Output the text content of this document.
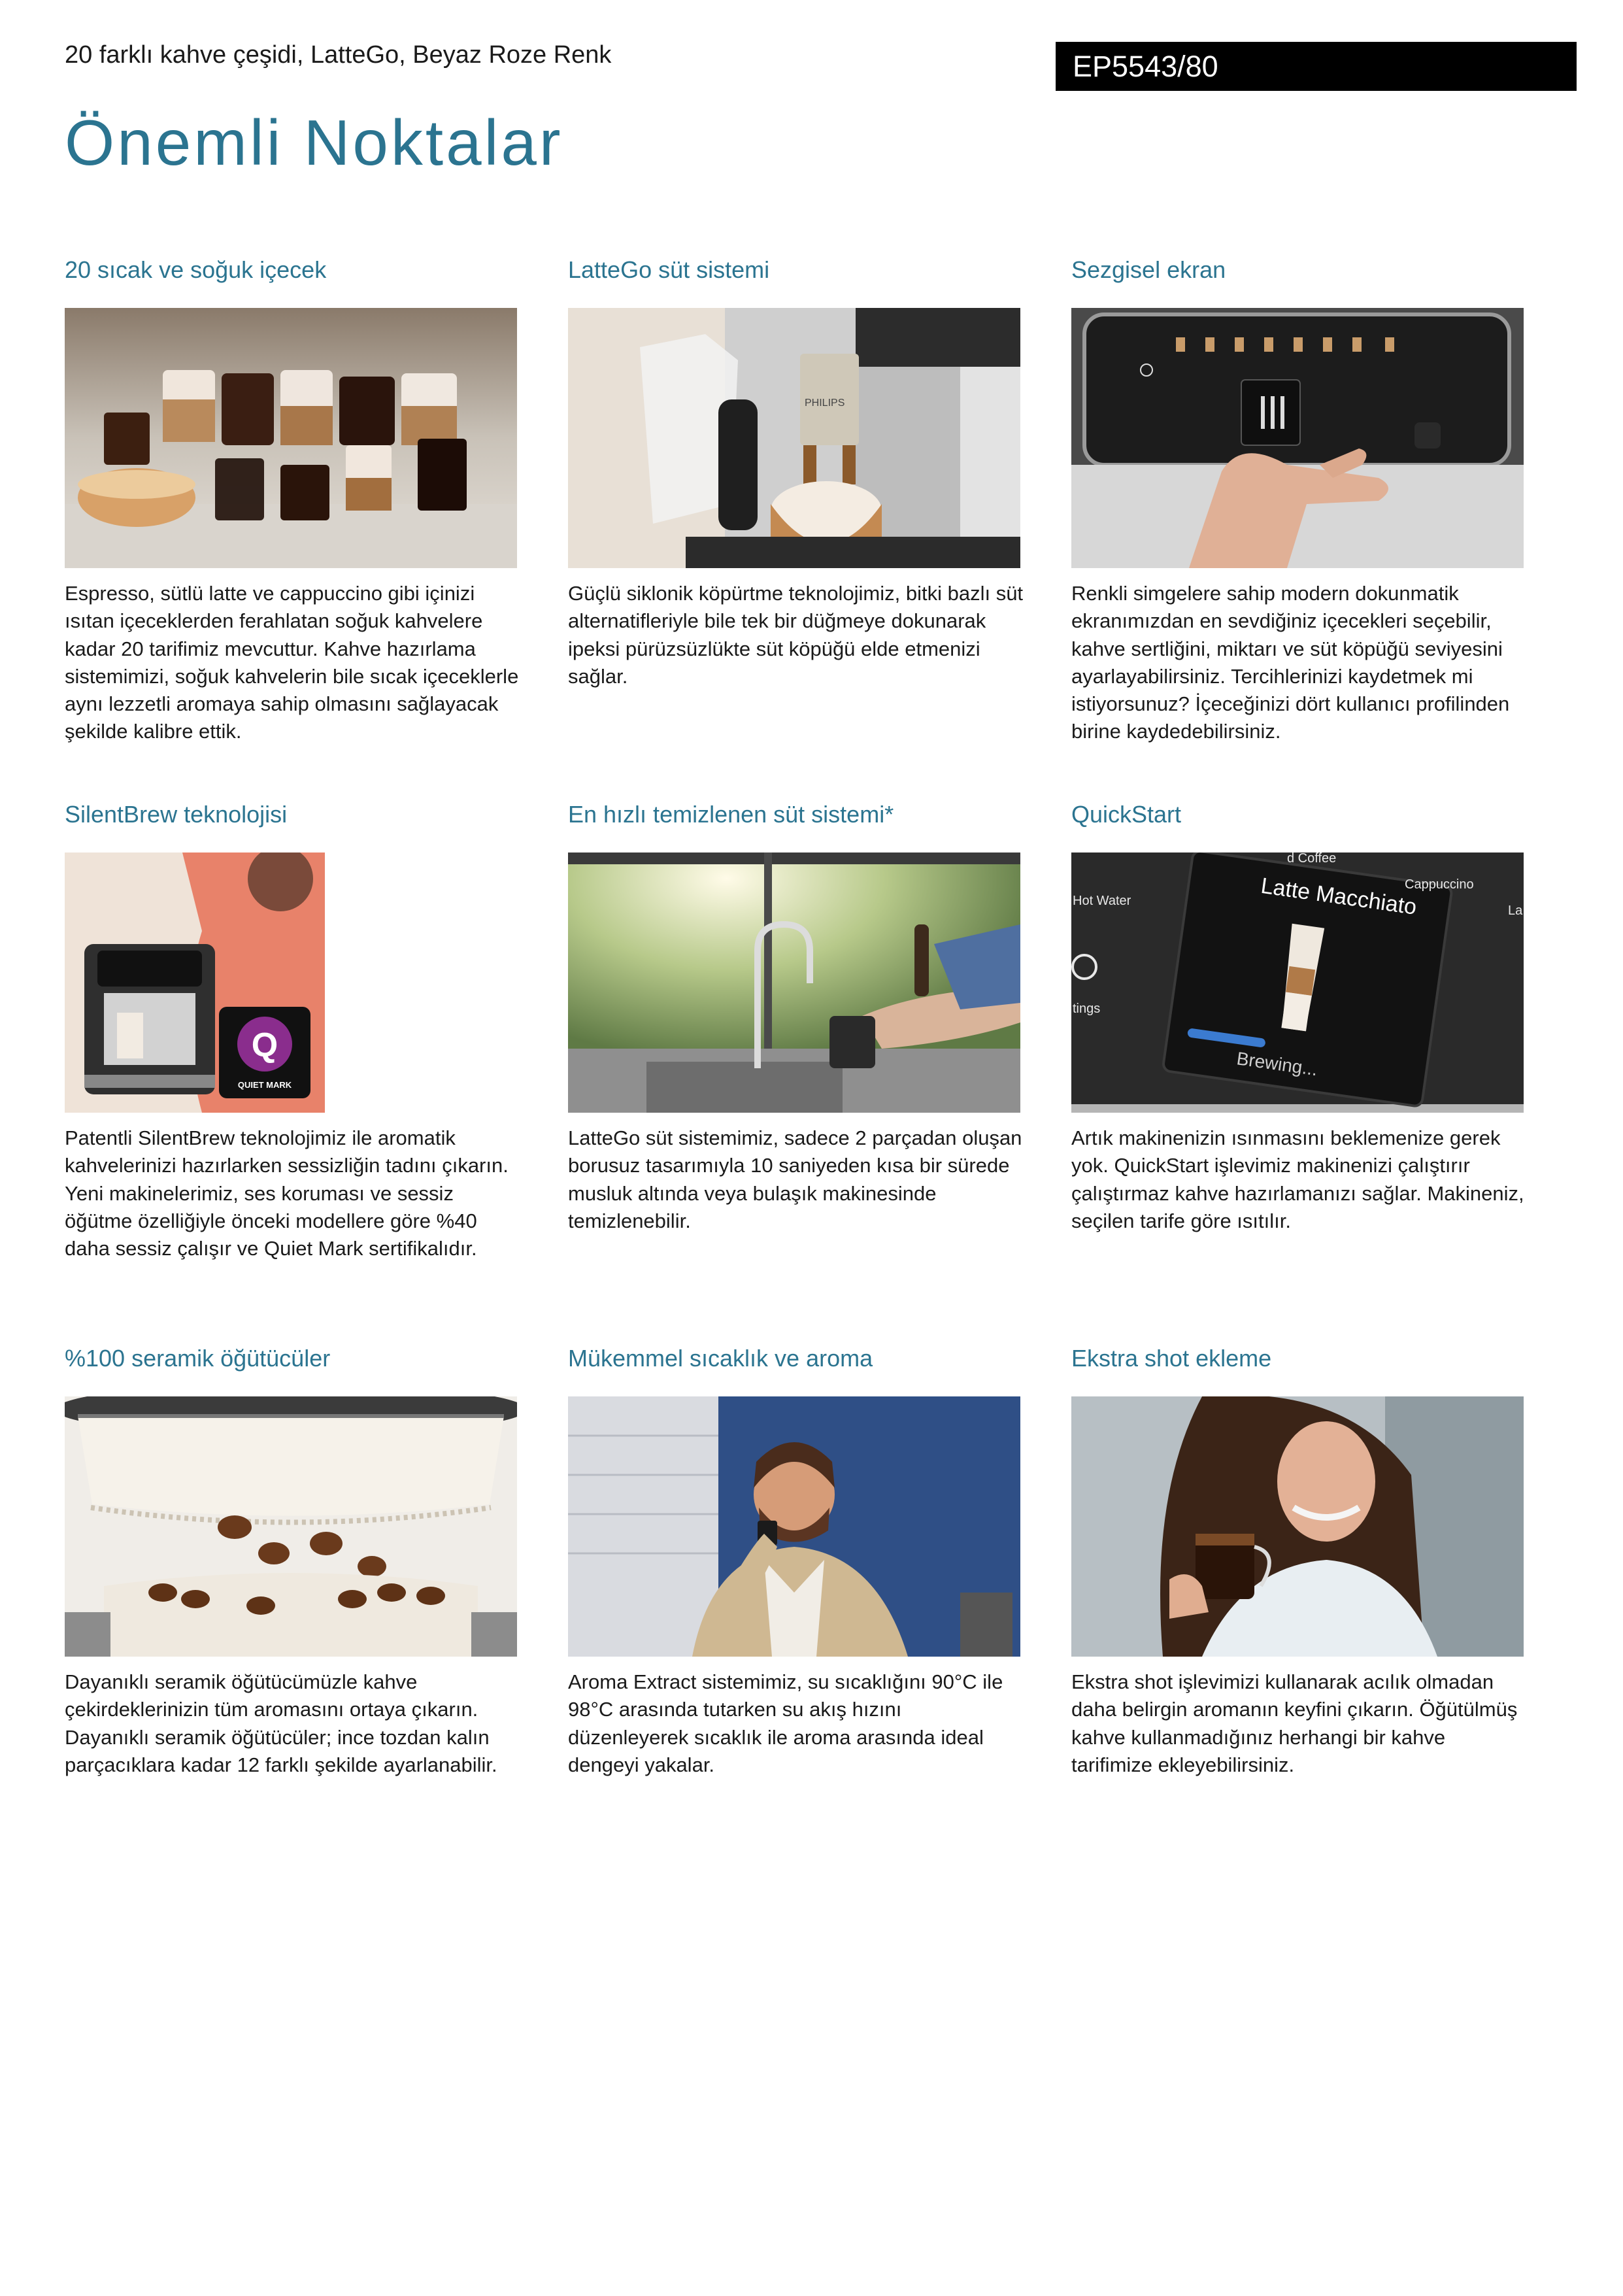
20 farklı kahve çeşidi, LatteGo, Beyaz Roze Renk	EP5543/80
Önemli Noktalar
20 sıcak ve soğuk içecek

Espresso, sütlü latte ve cappuccino gibi içinizi ısıtan içeceklerden ferahlatan soğuk kahvelere kadar 20 tarifimiz mevcuttur. Kahve hazırlama sistemimizi, soğuk kahvelerin bile sıcak içeceklerle aynı lezzetli aromaya sahip olmasını sağlayacak şekilde kalibre ettik.

LatteGo süt sistemi
PHILIPS

Güçlü siklonik köpürtme teknolojimiz, bitki bazlı süt alternatifleriyle bile tek bir düğmeye dokunarak ipeksi pürüzsüzlükte süt köpüğü elde etmenizi sağlar.

Sezgisel ekran

Renkli simgelere sahip modern dokunmatik ekranımızdan en sevdiğiniz içecekleri seçebilir, kahve sertliğini, miktarı ve süt köpüğü seviyesini ayarlayabilirsiniz. Tercihlerinizi kaydetmek mi istiyorsunuz? İçeceğinizi dört kullanıcı profilinden birine kaydedebilirsiniz.

SilentBrew teknolojisi
Q
QUIET MARK

Patentli SilentBrew teknolojimiz ile aromatik kahvelerinizi hazırlarken sessizliğin tadını çıkarın. Yeni makinelerimiz, ses koruması ve sessiz öğütme özelliğiyle önceki modellere göre %40 daha sessiz çalışır ve Quiet Mark sertifikalıdır.

En hızlı temizlenen süt sistemi*

LatteGo süt sistemimiz, sadece 2 parçadan oluşan borusuz tasarımıyla 10 saniyeden kısa bir sürede musluk altında veya bulaşık makinesinde temizlenebilir.

QuickStart
Latte Macchiato
Brewing...
Hot Water
tings
d Coffee
Cappuccino
La

Artık makinenizin ısınmasını beklemenize gerek yok. QuickStart işlevimiz makinenizi çalıştırır çalıştırmaz kahve hazırlamanızı sağlar. Makineniz, seçilen tarife göre ısıtılır.

%100 seramik öğütücüler

Dayanıklı seramik öğütücümüzle kahve çekirdeklerinizin tüm aromasını ortaya çıkarın. Dayanıklı seramik öğütücüler; ince tozdan kalın parçacıklara kadar 12 farklı şekilde ayarlanabilir.

Mükemmel sıcaklık ve aroma

Aroma Extract sistemimiz, su sıcaklığını 90°C ile 98°C arasında tutarken su akış hızını düzenleyerek sıcaklık ile aroma arasında ideal dengeyi yakalar.

Ekstra shot ekleme

Ekstra shot işlevimizi kullanarak acılık olmadan daha belirgin aromanın keyfini çıkarın. Öğütülmüş kahve kullanmadığınız herhangi bir kahve tarifimize ekleyebilirsiniz.
